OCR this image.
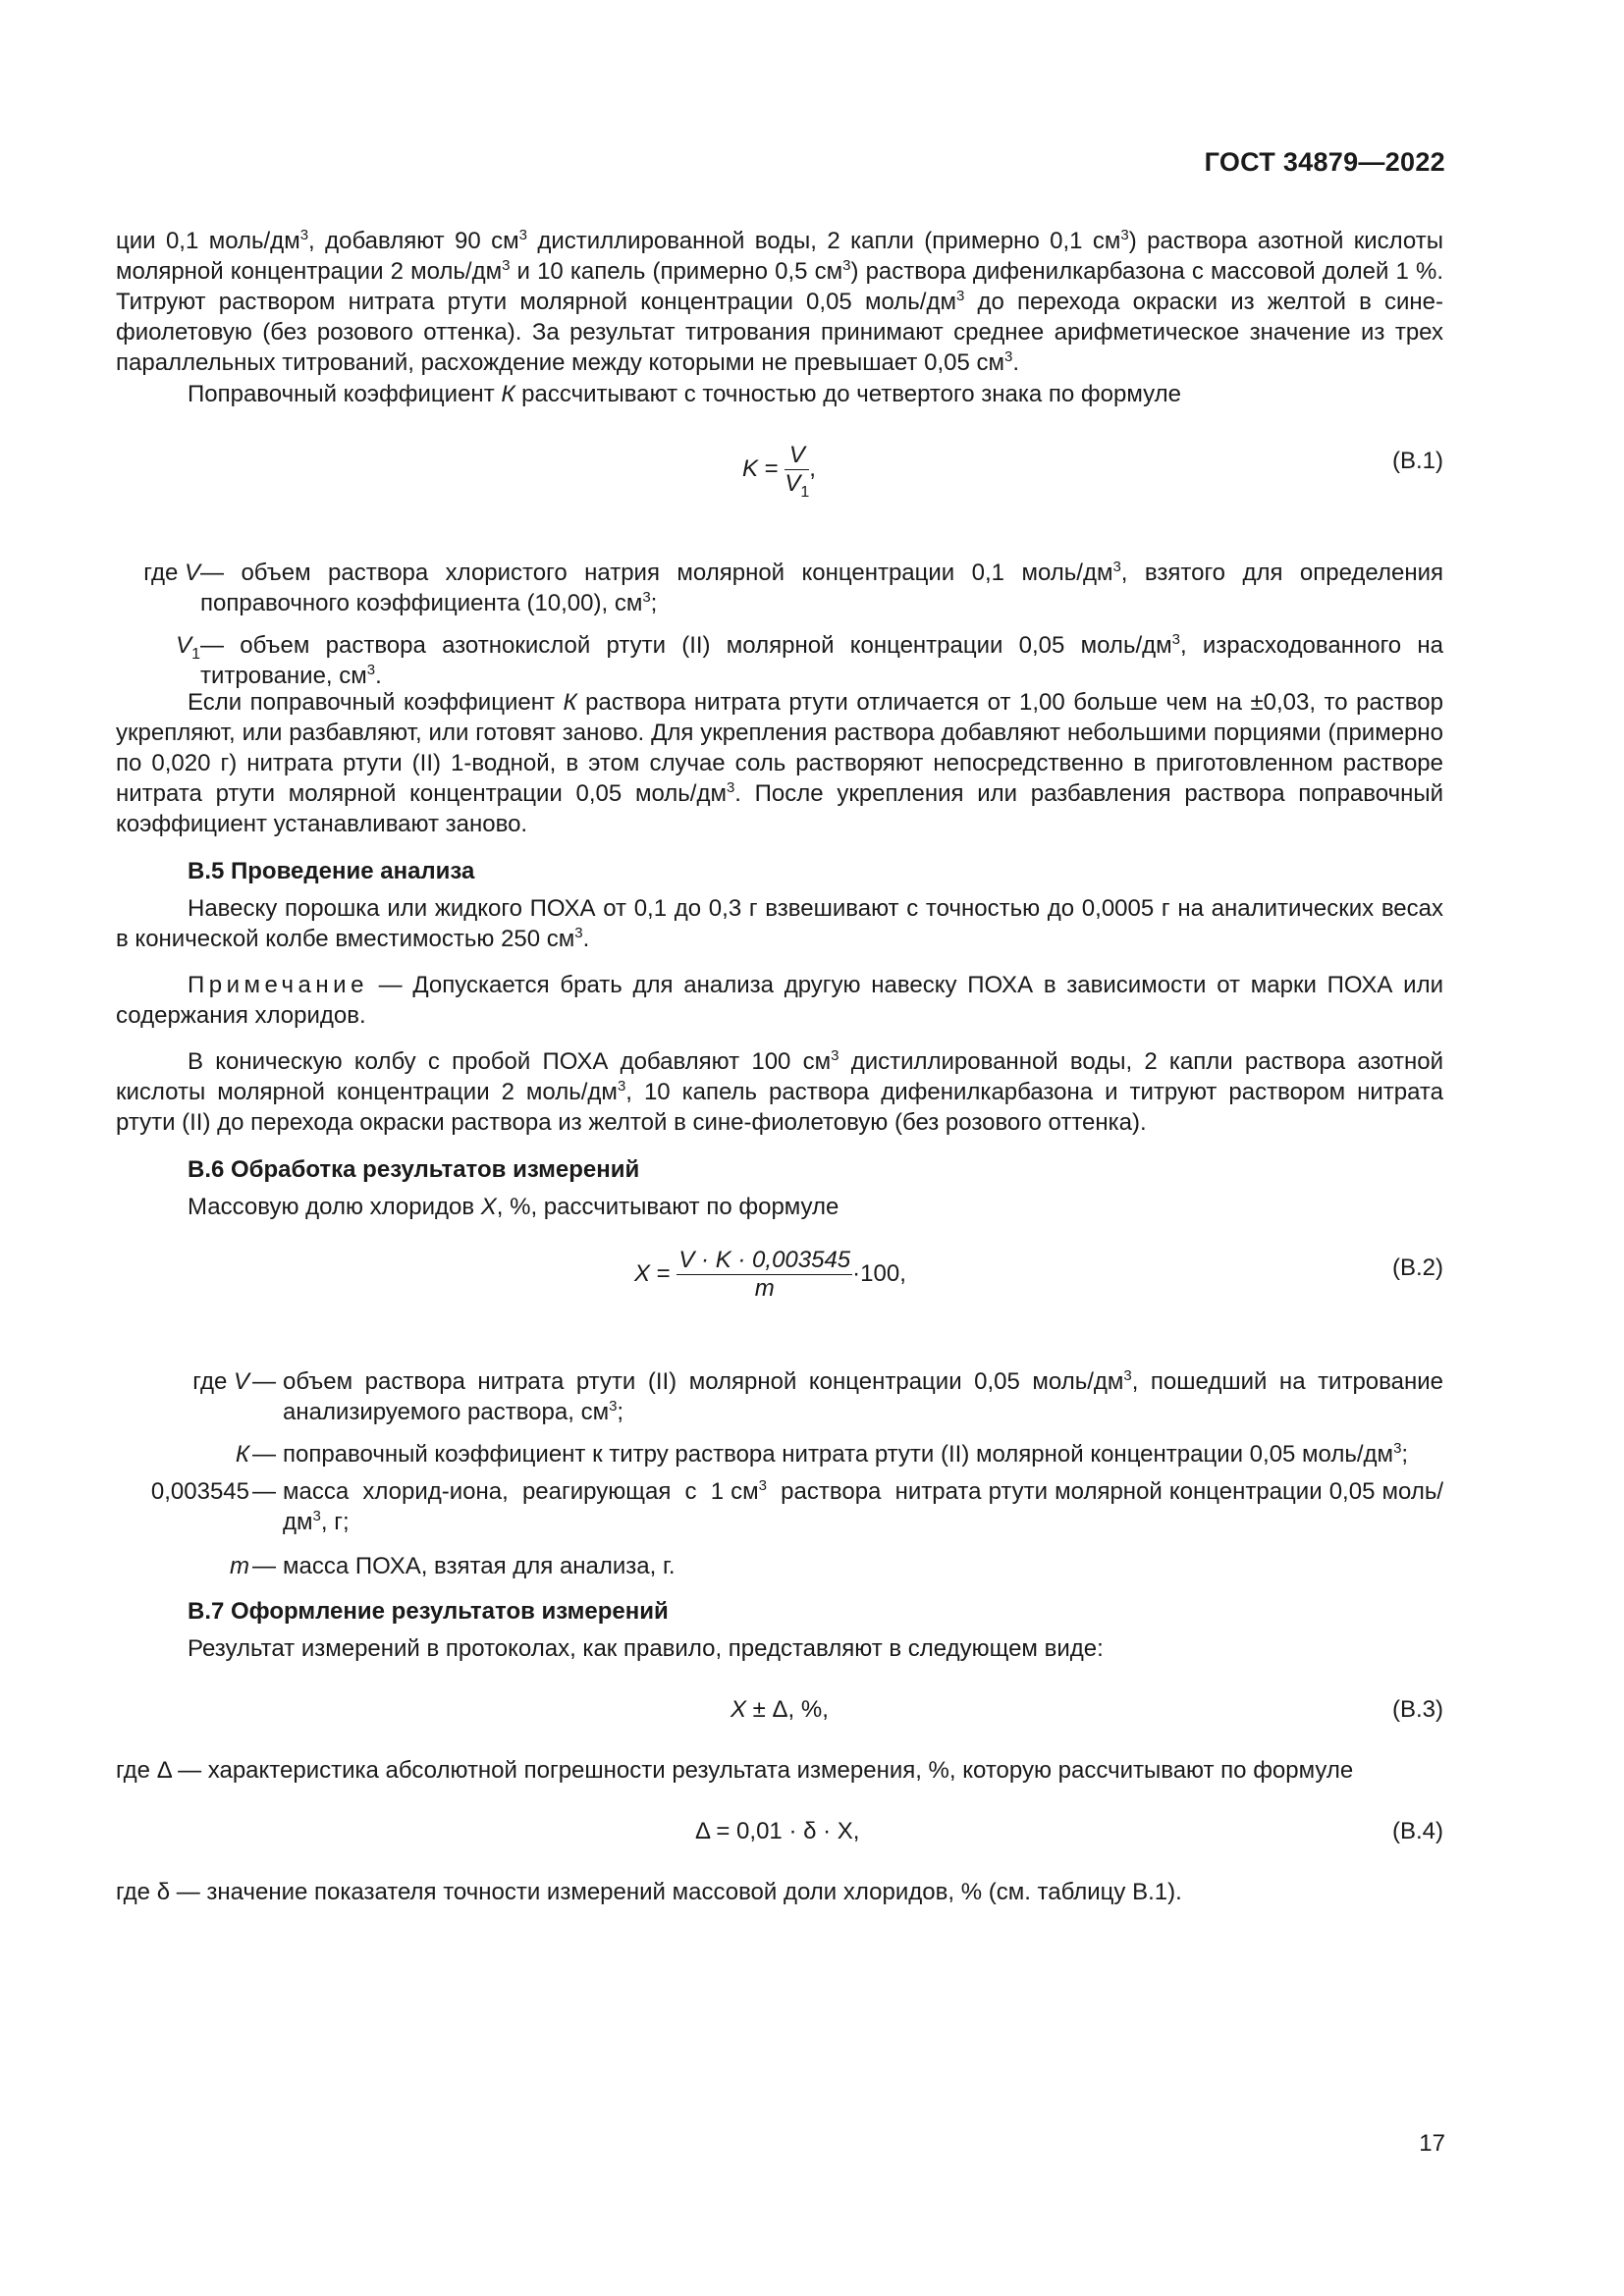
ГОСТ 34879—2022
ции 0,1 моль/$дм^3$, добавляют 90 $см^3$ дистиллированной воды, 2 капли (примерно 0,1 $см^3$) раствора азотной кислоты молярной концентрации 2 моль/$дм^3$ и 10 капель (примерно 0,5 $см^3$) раствора дифенилкарбазона с массовой долей 1 %. Титруют раствором нитрата ртути молярной концентрации 0,05 моль/$дм^3$ до перехода окраски из желтой в сине-фиолетовую (без розового оттенка). За результат титрования принимают среднее арифметическое значение из трех параллельных титрований, расхождение между которыми не превышает 0,05 $см^3$.
Поправочный коэффициент К рассчитывают с точностью до четвертого знака по формуле
$K = \frac{V}{V_1}$ ,	(В.1)
где V — объем раствора хлористого натрия молярной концентрации 0,1 моль/$дм^3$, взятого для определения поправочного коэффициента (10,00), $см^3$;
$V_1$ — объем раствора азотнокислой ртути (II) молярной концентрации 0,05 моль/$дм^3$, израсходованного на титрование, $см^3$.
Если поправочный коэффициент К раствора нитрата ртути отличается от 1,00 больше чем на ±0,03, то раствор укрепляют, или разбавляют, или готовят заново. Для укрепления раствора добавляют небольшими порциями (примерно по 0,020 г) нитрата ртути (II) 1-водной, в этом случае соль растворяют непосредственно в приготовленном растворе нитрата ртути молярной концентрации 0,05 моль/$дм^3$. После укрепления или разбавления раствора поправочный коэффициент устанавливают заново.
В.5 Проведение анализа
Навеску порошка или жидкого ПОХА от 0,1 до 0,3 г взвешивают с точностью до 0,0005 г на аналитических весах в конической колбе вместимостью 250 $см^3$.
Примечание — Допускается брать для анализа другую навеску ПОХА в зависимости от марки ПОХА или содержания хлоридов.
В коническую колбу с пробой ПОХА добавляют 100 $см^3$ дистиллированной воды, 2 капли раствора азотной кислоты молярной концентрации 2 моль/$дм^3$, 10 капель раствора дифенилкарбазона и титруют раствором нитрата ртути (II) до перехода окраски раствора из желтой в сине-фиолетовую (без розового оттенка).
В.6 Обработка результатов измерений
Массовую долю хлоридов X, %, рассчитывают по формуле
$X = \frac{V \cdot K \cdot 0,003545}{m} \cdot 100$,	(В.2)
где V — объем раствора нитрата ртути (II) молярной концентрации 0,05 моль/$дм^3$, пошедший на титрование анализируемого раствора, $см^3$;
К — поправочный коэффициент к титру раствора нитрата ртути (II) молярной концентрации 0,05 моль/$дм^3$;
0,003545 — масса  хлорид-иона,  реагирующая  с  1 $см^3$  раствора  нитрата ртути молярной концентрации 0,05 моль/$дм^3$, г;
m — масса ПОХА, взятая для анализа, г.
В.7 Оформление результатов измерений
Результат измерений в протоколах, как правило, представляют в следующем виде:
X ± Δ, %,	(В.3)
где Δ — характеристика абсолютной погрешности результата измерения, %, которую рассчитывают по формуле
Δ = 0,01 · δ · X,	(В.4)
где δ — значение показателя точности измерений массовой доли хлоридов, % (см. таблицу В.1).
17
